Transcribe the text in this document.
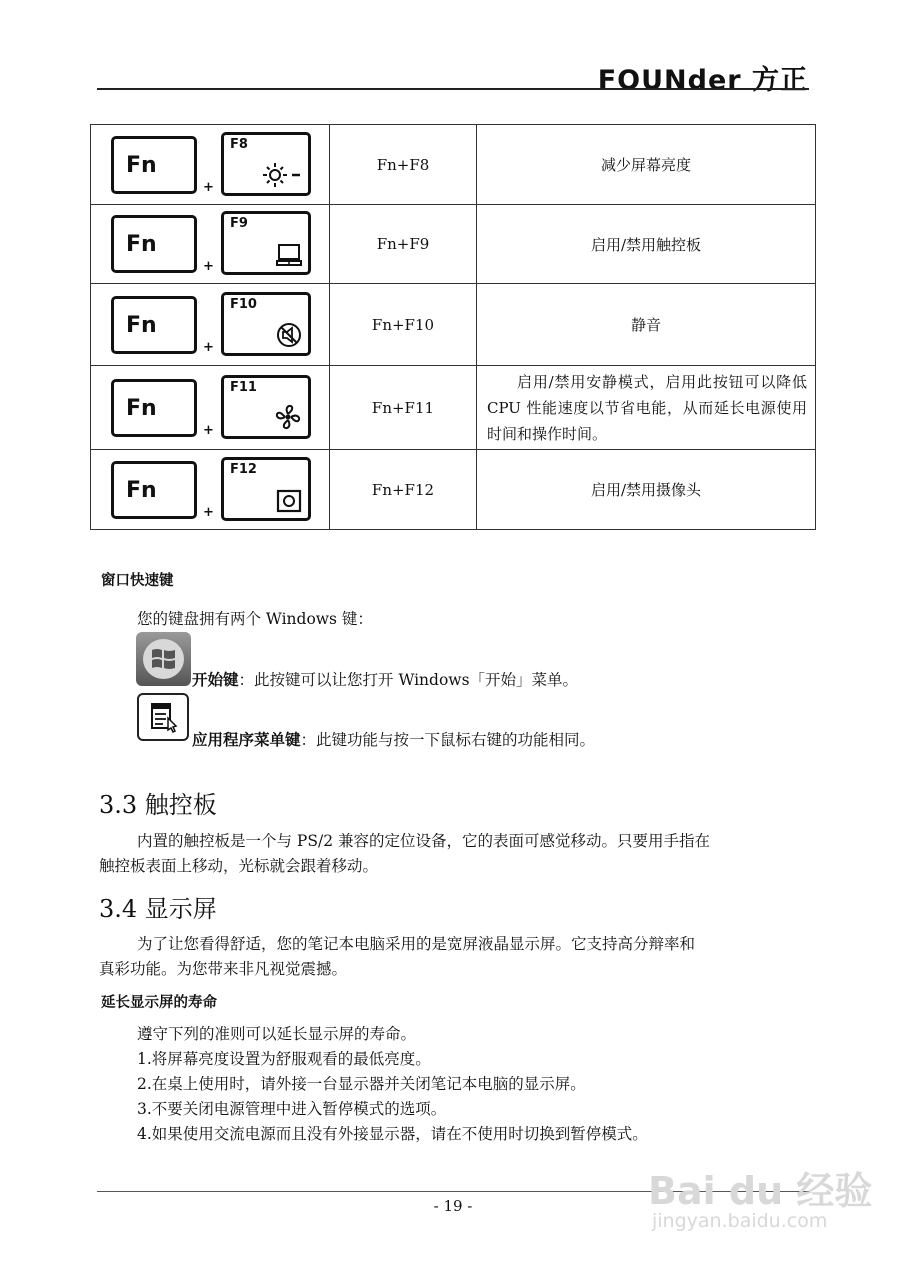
FOUNder 方正
Fn
+
F8	Fn+F8	减少屏幕亮度

Fn
+
F9	Fn+F9	启用/禁用触控板

Fn
+
F10	Fn+F10	静音

Fn
+
F11	Fn+F11	启用/禁用安静模式，启用此按钮可以降低 CPU 性能速度以节省电能，从而延长电源使用时间和操作时间。

Fn
+
F12	Fn+F12	启用/禁用摄像头
窗口快速键
您的键盘拥有两个 Windows 键：
开始键：此按键可以让您打开 Windows「开始」菜单。
应用程序菜单键：此键功能与按一下鼠标右键的功能相同。
3.3 触控板
内置的触控板是一个与 PS/2 兼容的定位设备，它的表面可感觉移动。只要用手指在
触控板表面上移动，光标就会跟着移动。
3.4 显示屏
为了让您看得舒适，您的笔记本电脑采用的是宽屏液晶显示屏。它支持高分辩率和
真彩功能。为您带来非凡视觉震撼。
延长显示屏的寿命
遵守下列的准则可以延长显示屏的寿命。
1.将屏幕亮度设置为舒服观看的最低亮度。
2.在桌上使用时，请外接一台显示器并关闭笔记本电脑的显示屏。
3.不要关闭电源管理中进入暂停模式的选项。
4.如果使用交流电源而且没有外接显示器，请在不使用时切换到暂停模式。
- 19 -	Bai du 经验
jingyan.baidu.com
